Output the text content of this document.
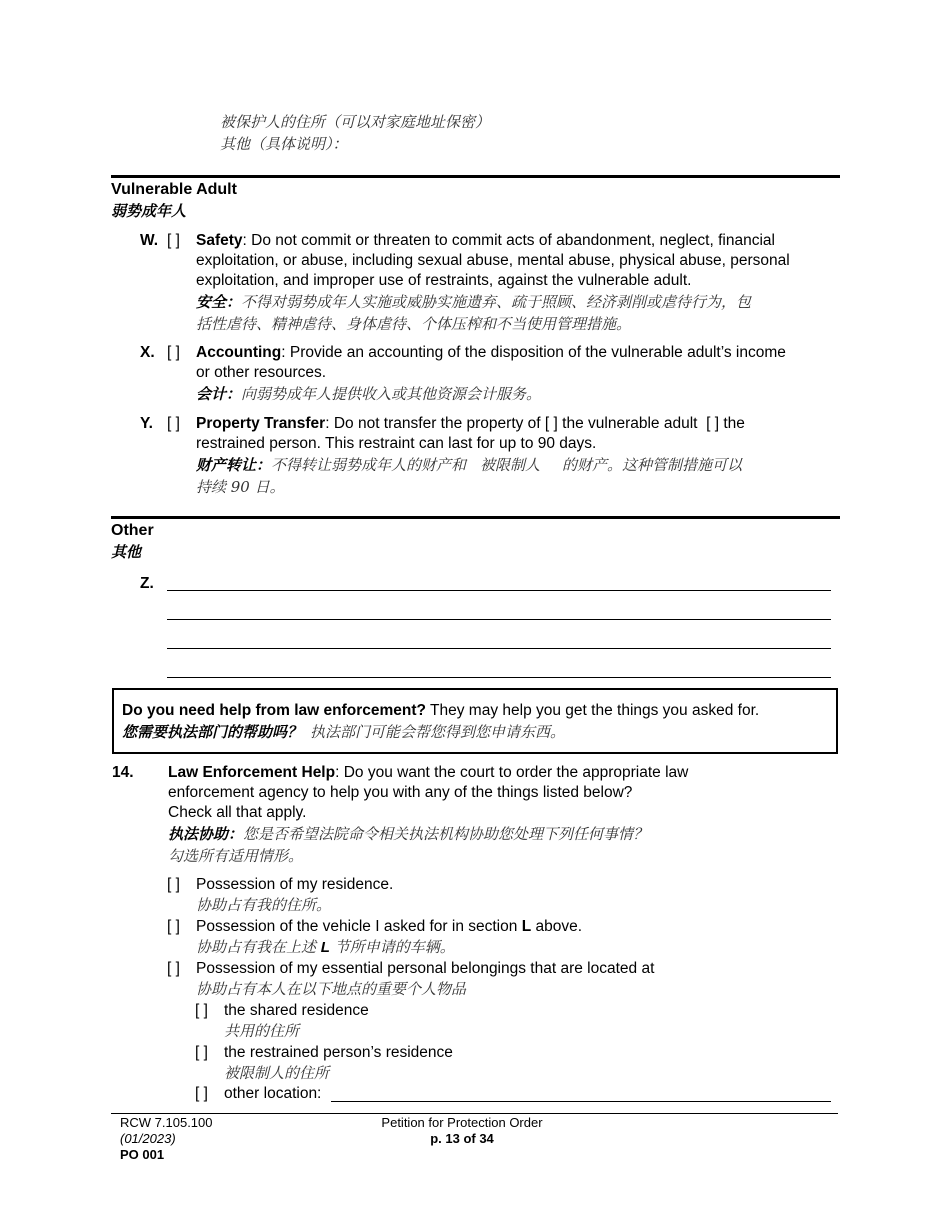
被保护人的住所（可以对家庭地址保密）
其他（具体说明）：
Vulnerable Adult
弱势成年人
W. [ ] Safety: Do not commit or threaten to commit acts of abandonment, neglect, financial
exploitation, or abuse, including sexual abuse, mental abuse, physical abuse, personal
exploitation, and improper use of restraints, against the vulnerable adult.
安全：不得对弱势成年人实施或威胁实施遗弃、疏于照顾、经济剥削或虐待行为，包
括性虐待、精神虐待、身体虐待、个体压榨和不当使用管理措施。
X. [ ] Accounting: Provide an accounting of the disposition of the vulnerable adult’s income
or other resources.
会计：向弱势成年人提供收入或其他资源会计服务。
Y. [ ] Property Transfer: Do not transfer the property of [ ] the vulnerable adult [ ] the
restrained person. This restraint can last for up to 90 days.
财产转让：不得转让弱势成年人的财产和 被限制人 的财产。这种管制措施可以
持续 90 日。
Other
其他
Z.
Do you need help from law enforcement? They may help you get the things you asked for.
您需要执法部门的帮助吗？ 执法部门可能会帮您得到您申请东西。
14. Law Enforcement Help: Do you want the court to order the appropriate law
enforcement agency to help you with any of the things listed below?
Check all that apply.
执法协助：您是否希望法院命令相关执法机构协助您处理下列任何事情？
勾选所有适用情形。
[ ] Possession of my residence.
协助占有我的住所。
[ ] Possession of the vehicle I asked for in section L above.
协助占有我在上述 L 节所申请的车辆。
[ ] Possession of my essential personal belongings that are located at
协助占有本人在以下地点的重要个人物品
[ ] the shared residence
共用的住所
[ ] the restrained person’s residence
被限制人的住所
[ ] other location:
RCW 7.105.100
(01/2023)
PO 001
Petition for Protection Order
p. 13 of 34
